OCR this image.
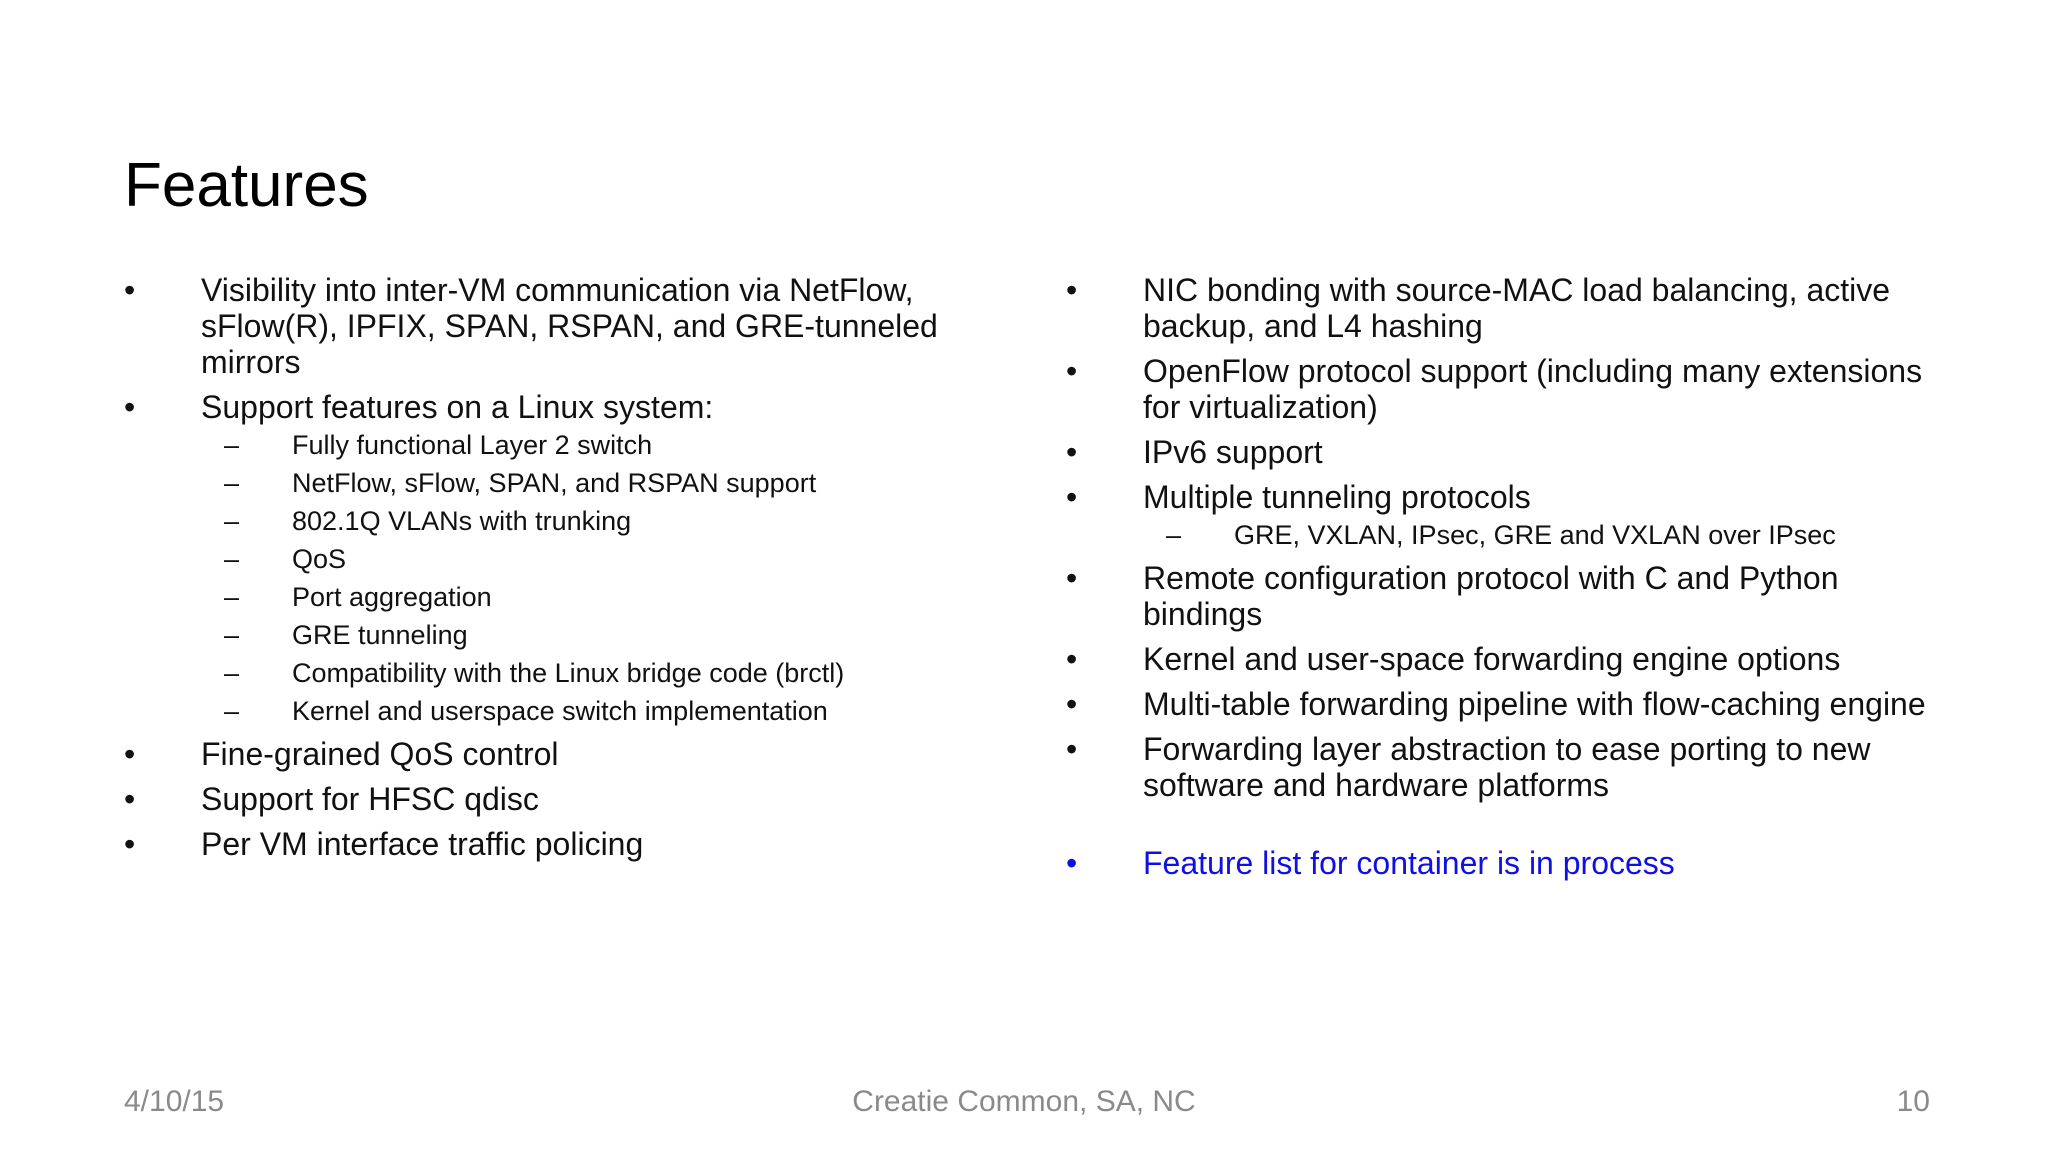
Features
• Visibility into inter-VM communication via NetFlow, sFlow(R), IPFIX, SPAN, RSPAN, and GRE-tunneled mirrors
• Support features on a Linux system:
– Fully functional Layer 2 switch
– NetFlow, sFlow, SPAN, and RSPAN support
– 802.1Q VLANs with trunking
– QoS
– Port aggregation
– GRE tunneling
– Compatibility with the Linux bridge code (brctl)
– Kernel and userspace switch implementation
• Fine-grained QoS control
• Support for HFSC qdisc
• Per VM interface traffic policing
• NIC bonding with source-MAC load balancing, active backup, and L4 hashing
• OpenFlow protocol support (including many extensions for virtualization)
• IPv6 support
• Multiple tunneling protocols
– GRE, VXLAN, IPsec, GRE and VXLAN over IPsec
• Remote configuration protocol with C and Python bindings
• Kernel and user-space forwarding engine options
• Multi-table forwarding pipeline with flow-caching engine
• Forwarding layer abstraction to ease porting to new software and hardware platforms
• Feature list for container is in process
4/10/15	Creatie Common, SA, NC	10
